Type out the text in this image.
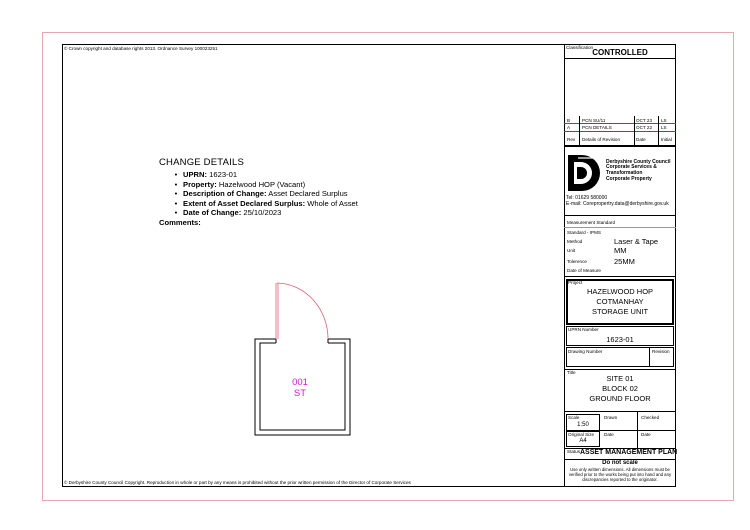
© Crown copyright and database rights 2013. Ordnance Survey 100023251
© Derbyshire County Council Copyright. Reproduction in whole or part by any means is prohibited without the prior written permission of the Director of Corporate Services
CHANGE DETAILS
• UPRN: 1623-01
• Property: Hazelwood HOP (Vacant)
• Description of Change: Asset Declared Surplus
• Extent of Asset Declared Surplus: Whole of Asset
• Date of Change: 25/10/2023
Comments:
001
ST
Classification
CONTROLLED
B	PCN SU/11	OCT 23 LS
A	PCN DETAILS	OCT 22 LS
Rev Details of Revision	Date	Initial
Derbyshire County Council
Corporate Services &
Transformation
Corporate Property
Tel: 01629 580000
E-mail: Corepropertry.data@derbyshire.gov.uk
Measurement Standard
Standard - IPMS
Method	Laser & Tape
Unit	MM
Tolerence	25MM
Date of Measure
Project
HAZELWOOD HOP
COTMANHAY
STORAGE UNIT
UPRN Number
1623-01
Drawing Number	Revision
Title
SITE 01
BLOCK 02
GROUND FLOOR
Scale
1:50
Drawn	Checked
Original Size
A4
Date	Date
Status ASSET MANAGEMENT PLAN
Do not scale
Use only written dimensions. All dimensions must be verified prior to the works being put into hand and any discrepancies reported to the originator.
